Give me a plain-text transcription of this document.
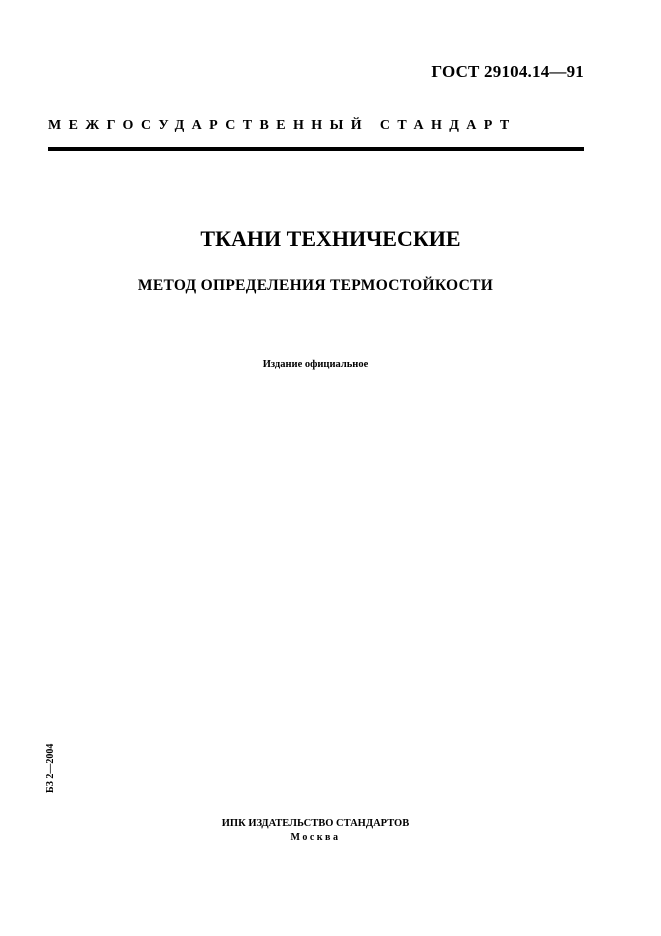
ГОСТ 29104.14—91
МЕЖГОСУДАРСТВЕННЫЙ СТАНДАРТ
ТКАНИ ТЕХНИЧЕСКИЕ
МЕТОД ОПРЕДЕЛЕНИЯ ТЕРМОСТОЙКОСТИ
Издание официальное
БЗ 2—2004
ИПК ИЗДАТЕЛЬСТВО СТАНДАРТОВ
Москва
